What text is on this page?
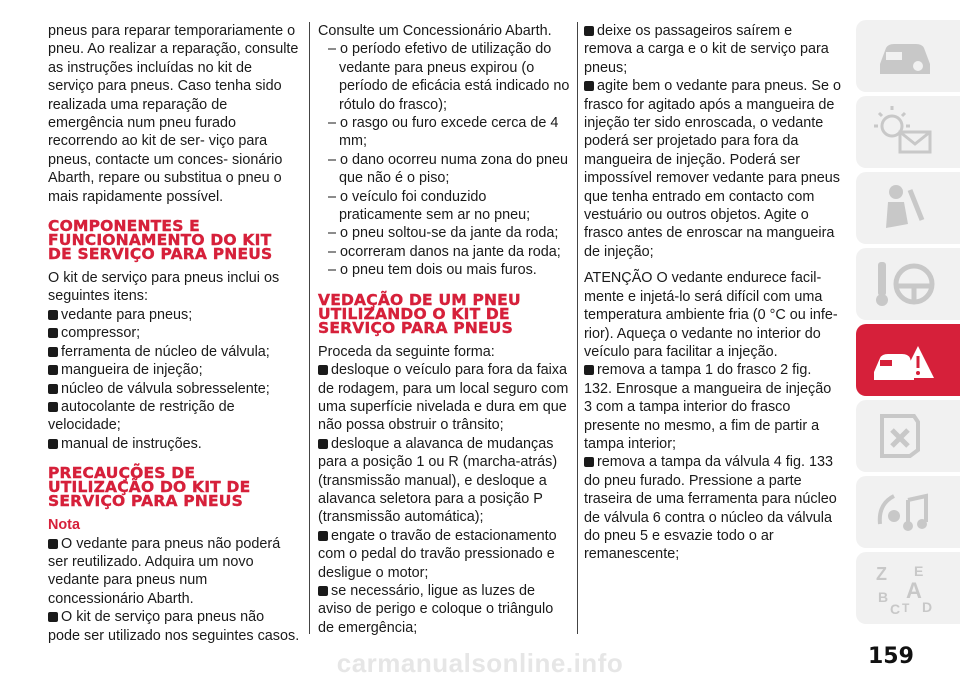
pneus para reparar temporariamente o pneu. Ao realizar a reparação, consulte as instruções incluídas no kit de serviço para pneus. Caso tenha sido realizada uma reparação de emergência num pneu furado recorrendo ao kit de ser- viço para pneus, contacte um conces- sionário Abarth, repare ou substitua o pneu o mais rapidamente possível.

COMPONENTES E FUNCIONAMENTO DO KIT DE SERVIÇO PARA PNEUS

O kit de serviço para pneus inclui os seguintes itens:

vedante para pneus;
compressor;
ferramenta de núcleo de válvula;
mangueira de injeção;
núcleo de válvula sobresselente;
autocolante de restrição de velocidade;
manual de instruções.
PRECAUÇÕES DE UTILIZAÇÃO DO KIT DE SERVIÇO PARA PNEUS
Nota
O vedante para pneus não poderá ser reutilizado. Adquira um novo vedante para pneus num concessionário Abarth.
O kit de serviço para pneus não pode ser utilizado nos seguintes casos.

Consulte um Concessionário Abarth.

– o período efetivo de utilização do vedante para pneus expirou (o período de eficácia está indicado no rótulo do frasco);
– o rasgo ou furo excede cerca de 4 mm;
– o dano ocorreu numa zona do pneu que não é o piso;
– o veículo foi conduzido praticamente sem ar no pneu;
– o pneu soltou-se da jante da roda;
– ocorreram danos na jante da roda;
– o pneu tem dois ou mais furos.
VEDAÇÃO DE UM PNEU UTILIZANDO O KIT DE SERVIÇO PARA PNEUS

Proceda da seguinte forma:

desloque o veículo para fora da faixa de rodagem, para um local seguro com uma superfície nivelada e dura em que não possa obstruir o trânsito;
desloque a alavanca de mudanças para a posição 1 ou R (marcha-atrás) (transmissão manual), e desloque a alavanca seletora para a posição P (transmissão automática);
engate o travão de estacionamento com o pedal do travão pressionado e desligue o motor;
se necessário, ligue as luzes de aviso de perigo e coloque o triângulo de emergência;
deixe os passageiros saírem e remova a carga e o kit de serviço para pneus;
agite bem o vedante para pneus. Se o frasco for agitado após a mangueira de injeção ter sido enroscada, o vedante poderá ser projetado para fora da mangueira de injeção. Poderá ser impossível remover vedante para pneus que tenha entrado em contacto com vestuário ou outros objetos. Agite o frasco antes de enroscar na mangueira de injeção;

ATENÇÃO O vedante endurece facil- mente e injetá-lo será difícil com uma temperatura ambiente fria (0 °C ou infe- rior). Aqueça o vedante no interior do veículo para facilitar a injeção.

remova a tampa 1 do frasco 2 fig. 132. Enrosque a mangueira de injeção 3 com a tampa interior do frasco presente no mesmo, a fim de partir a tampa interior;
remova a tampa da válvula 4 fig. 133 do pneu furado. Pressione a parte traseira de uma ferramenta para núcleo de válvula 6 contra o núcleo da válvula do pneu 5 e esvazie todo o ar remanescente;
Z E
B A
C T D
carmanualsonline.info	159
